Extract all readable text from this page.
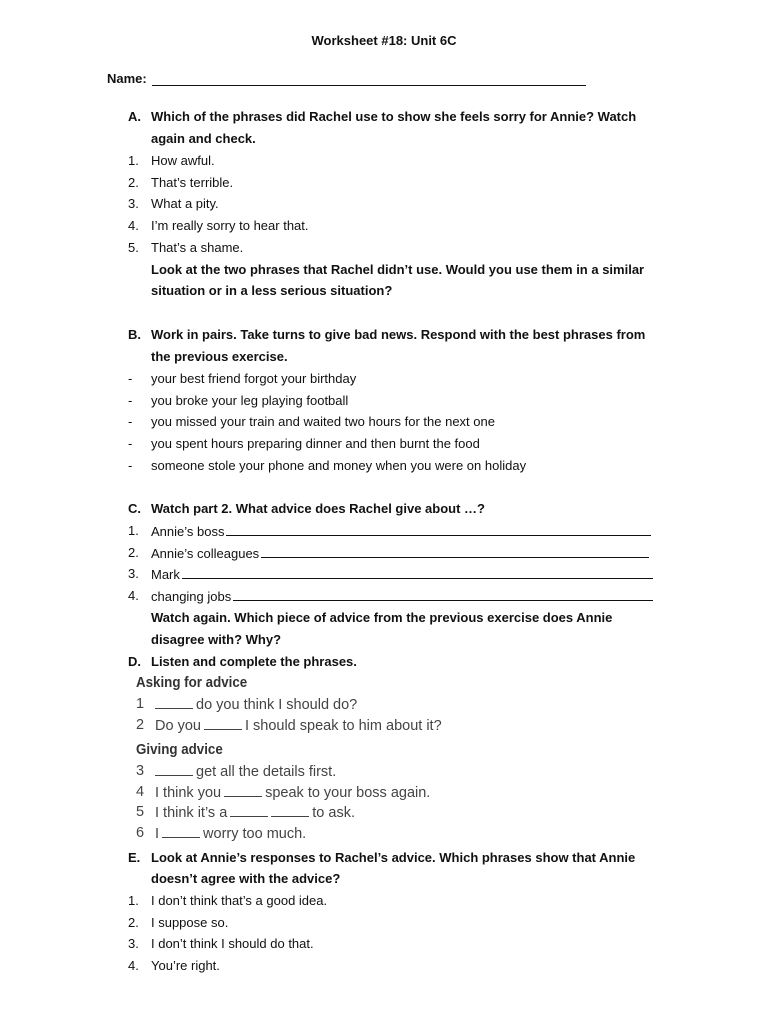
Worksheet #18: Unit 6C
Name:
A. Which of the phrases did Rachel use to show she feels sorry for Annie? Watch
again and check.
1. How awful.
2. That’s terrible.
3. What a pity.
4. I’m really sorry to hear that.
5. That’s a shame.
Look at the two phrases that Rachel didn’t use. Would you use them in a similar
situation or in a less serious situation?
B. Work in pairs. Take turns to give bad news. Respond with the best phrases from
the previous exercise.
- your best friend forgot your birthday
- you broke your leg playing football
- you missed your train and waited two hours for the next one
- you spent hours preparing dinner and then burnt the food
- someone stole your phone and money when you were on holiday
C. Watch part 2. What advice does Rachel give about …?
1. Annie’s boss
2. Annie’s colleagues
3. Mark
4. changing jobs
Watch again. Which piece of advice from the previous exercise does Annie
disagree with? Why?
D. Listen and complete the phrases.
Asking for advice
1	do you think I should do?
2 Do you	I should speak to him about it?
Giving advice
3	get all the details first.
4 I think you	speak to your boss again.
5 I think it’s a	to ask.
6 I	worry too much.
E. Look at Annie’s responses to Rachel’s advice. Which phrases show that Annie
doesn’t agree with the advice?
1. I don’t think that’s a good idea.
2. I suppose so.
3. I don’t think I should do that.
4. You’re right.
